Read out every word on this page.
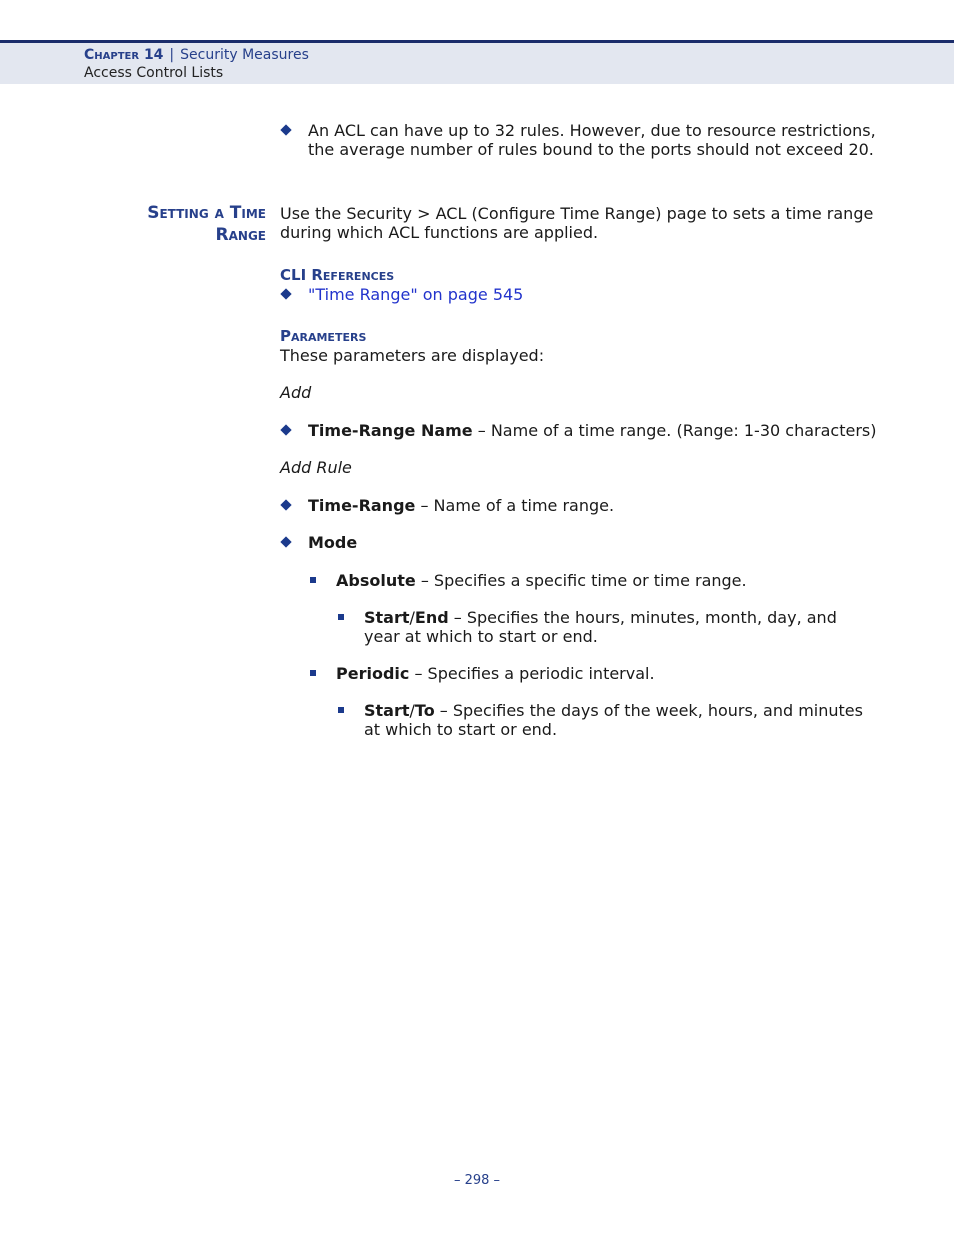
Chapter 14 | Security Measures
Access Control Lists
An ACL can have up to 32 rules. However, due to resource restrictions, the average number of rules bound to the ports should not exceed 20.
Setting a Time
Range
Use the Security > ACL (Configure Time Range) page to sets a time range during which ACL functions are applied.
CLI References
"Time Range" on page 545
Parameters
These parameters are displayed:
Add
Time-Range Name – Name of a time range. (Range: 1-30 characters)
Add Rule
Time-Range – Name of a time range.
Mode
Absolute – Specifies a specific time or time range.
Start/End – Specifies the hours, minutes, month, day, and year at which to start or end.
Periodic – Specifies a periodic interval.
Start/To – Specifies the days of the week, hours, and minutes at which to start or end.
– 298 –
